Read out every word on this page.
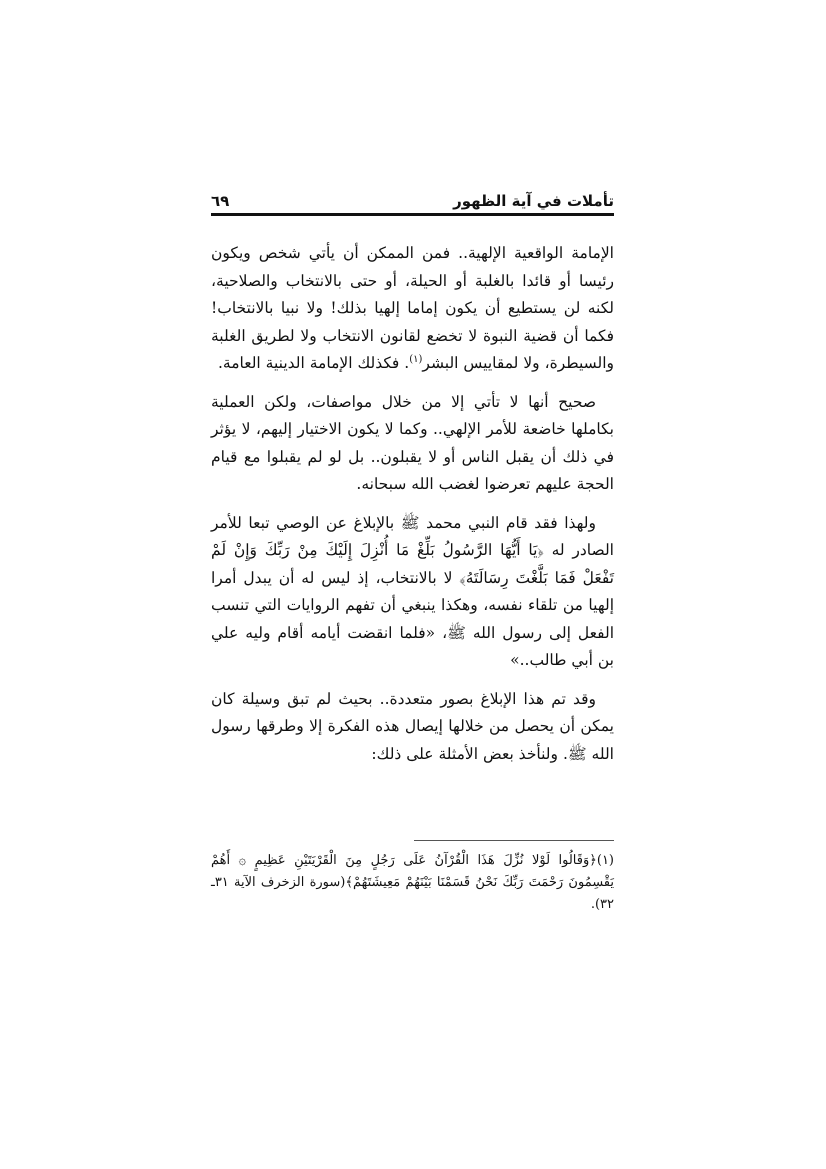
تأملات في آية الظهور
٦٩

الإمامة الواقعية الإلهية.. فمن الممكن أن يأتي شخص ويكون رئيسا أو قائدا بالغلبة أو الحيلة، أو حتى بالانتخاب والصلاحية، لكنه لن يستطيع أن يكون إماما إلهيا بذلك! ولا نبيا بالانتخاب! فكما أن قضية النبوة لا تخضع لقانون الانتخاب ولا لطريق الغلبة والسيطرة، ولا لمقاييس البشر$^{(١)}$. فكذلك الإمامة الدينية العامة.

صحيح أنها لا تأتي إلا من خلال مواصفات، ولكن العملية بكاملها خاضعة للأمر الإلهي.. وكما لا يكون الاختيار إليهم، لا يؤثر في ذلك أن يقبل الناس أو لا يقبلون.. بل لو لم يقبلوا مع قيام الحجة عليهم تعرضوا لغضب الله سبحانه.

ولهذا فقد قام النبي محمد ﷺ بالإبلاغ عن الوصي تبعا للأمر الصادر له ﴿يَا أَيُّهَا الرَّسُولُ بَلِّغْ مَا أُنْزِلَ إِلَيْكَ مِنْ رَبِّكَ وَإِنْ لَمْ تَفْعَلْ فَمَا بَلَّغْتَ رِسَالَتَهُ﴾ لا بالانتخاب، إذ ليس له أن يبدل أمرا إلهيا من تلقاء نفسه، وهكذا ينبغي أن تفهم الروايات التي تنسب الفعل إلى رسول الله ﷺ، «فلما انقضت أيامه أقام وليه علي بن أبي طالب..»

وقد تم هذا الإبلاغ بصور متعددة.. بحيث لم تبق وسيلة كان يمكن أن يحصل من خلالها إيصال هذه الفكرة إلا وطرقها رسول الله ﷺ. ولنأخذ بعض الأمثلة على ذلك:

(١)﴿وَقَالُوا لَوْلا نُزِّلَ هَذَا الْقُرْآنُ عَلَى رَجُلٍ مِنَ الْقَرْيَتَيْنِ عَظِيمٍ ۞ أَهُمْ يَقْسِمُونَ رَحْمَتَ رَبِّكَ نَحْنُ قَسَمْنَا بَيْنَهُمْ مَعِيشَتَهُمْ﴾(سورة الزخرف الآية ٣١ـ ٣٢).
